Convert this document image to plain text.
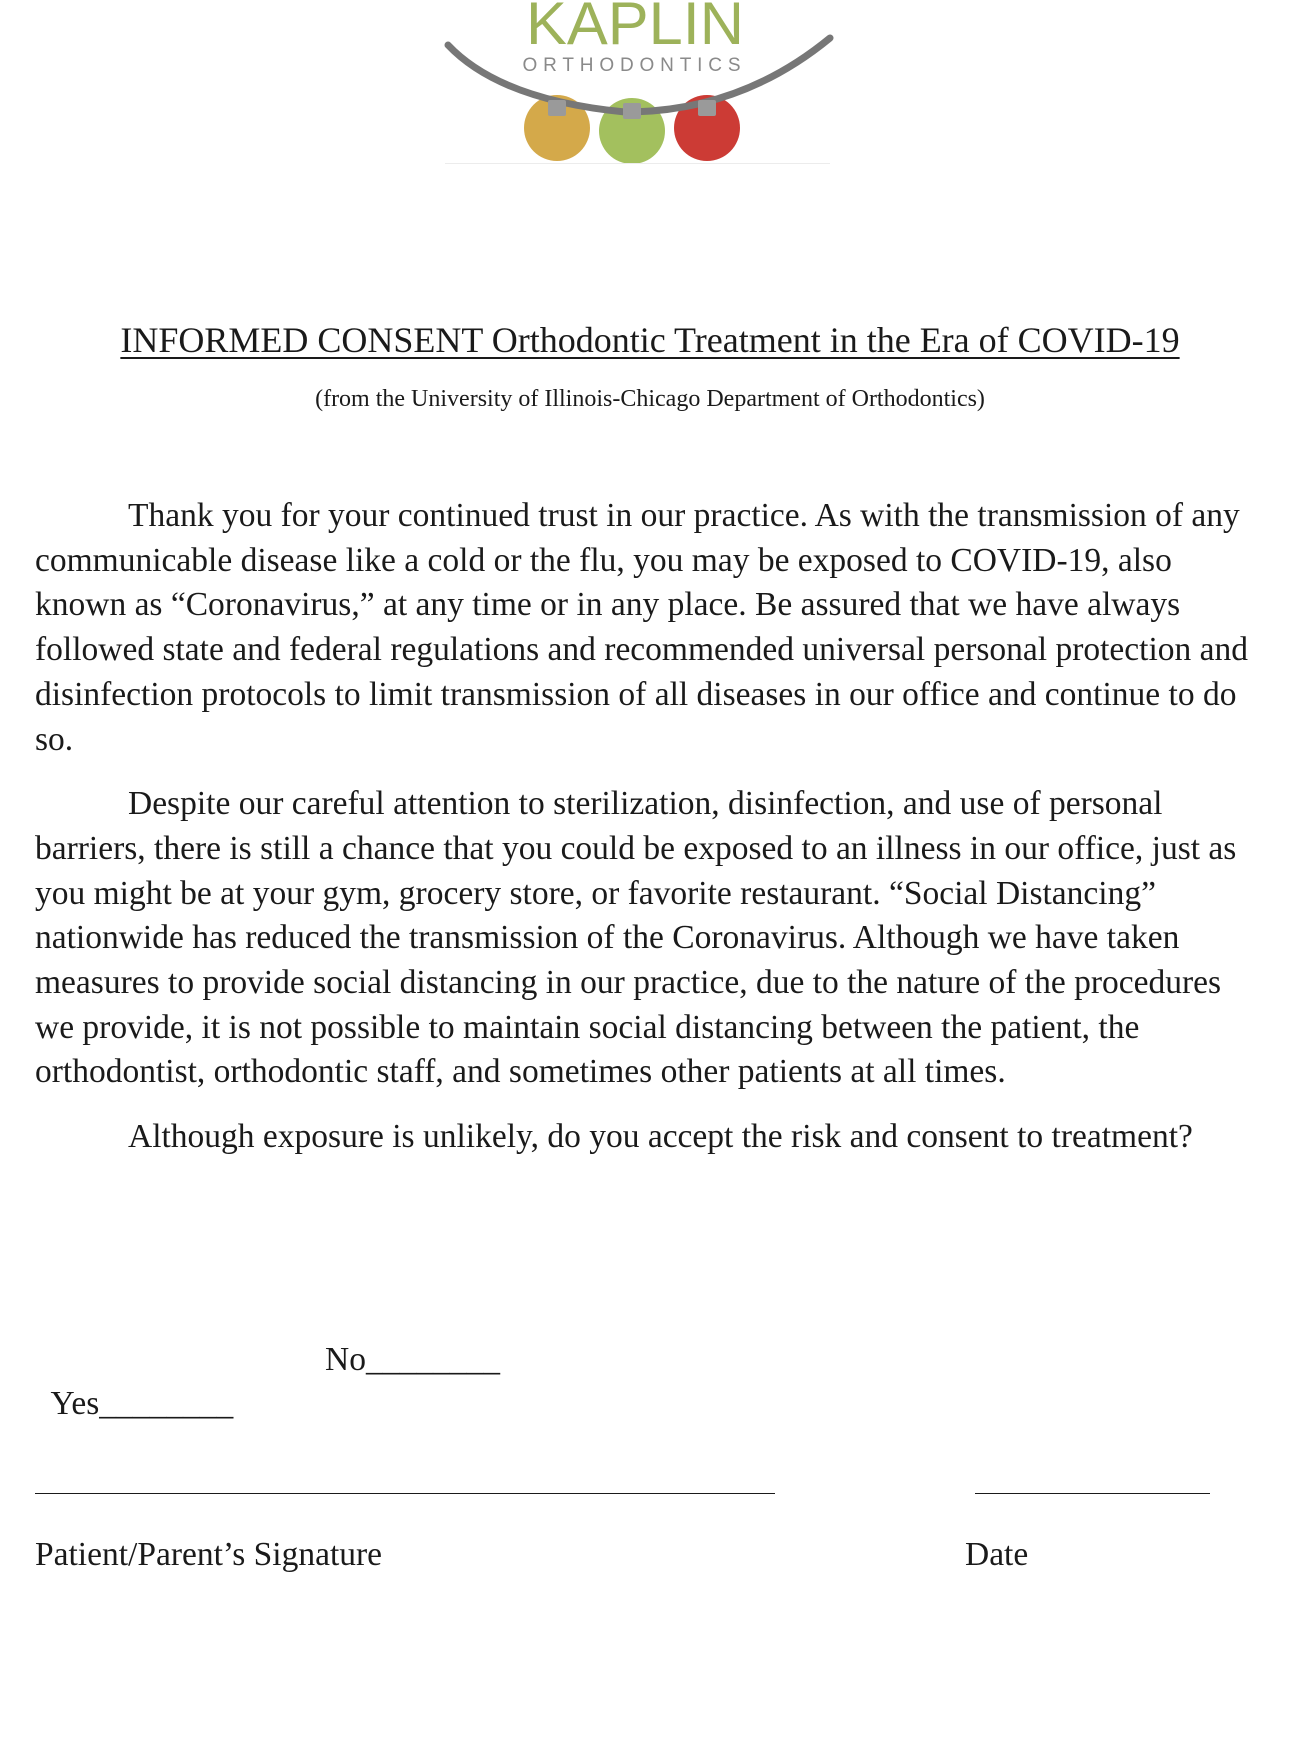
KAPLIN
ORTHODONTICS
INFORMED CONSENT Orthodontic Treatment in the Era of COVID-19

(from the University of Illinois-Chicago Department of Orthodontics)

Thank you for your continued trust in our practice. As with the transmission of any communicable disease like a cold or the flu, you may be exposed to COVID-19, also known as “Coronavirus,” at any time or in any place. Be assured that we have always followed state and federal regulations and recommended universal personal protection and disinfection protocols to limit transmission of all diseases in our office and continue to do so.

Despite our careful attention to sterilization, disinfection, and use of personal barriers, there is still a chance that you could be exposed to an illness in our office, just as you might be at your gym, grocery store, or favorite restaurant. “Social Distancing” nationwide has reduced the transmission of the Coronavirus. Although we have taken measures to provide social distancing in our practice, due to the nature of the procedures we provide, it is not possible to maintain social distancing between the patient, the orthodontist, orthodontic staff, and sometimes other patients at all times.

Although exposure is unlikely, do you accept the risk and consent to treatment?

Yes________

No________

Patient/Parent’s Signature	Date
